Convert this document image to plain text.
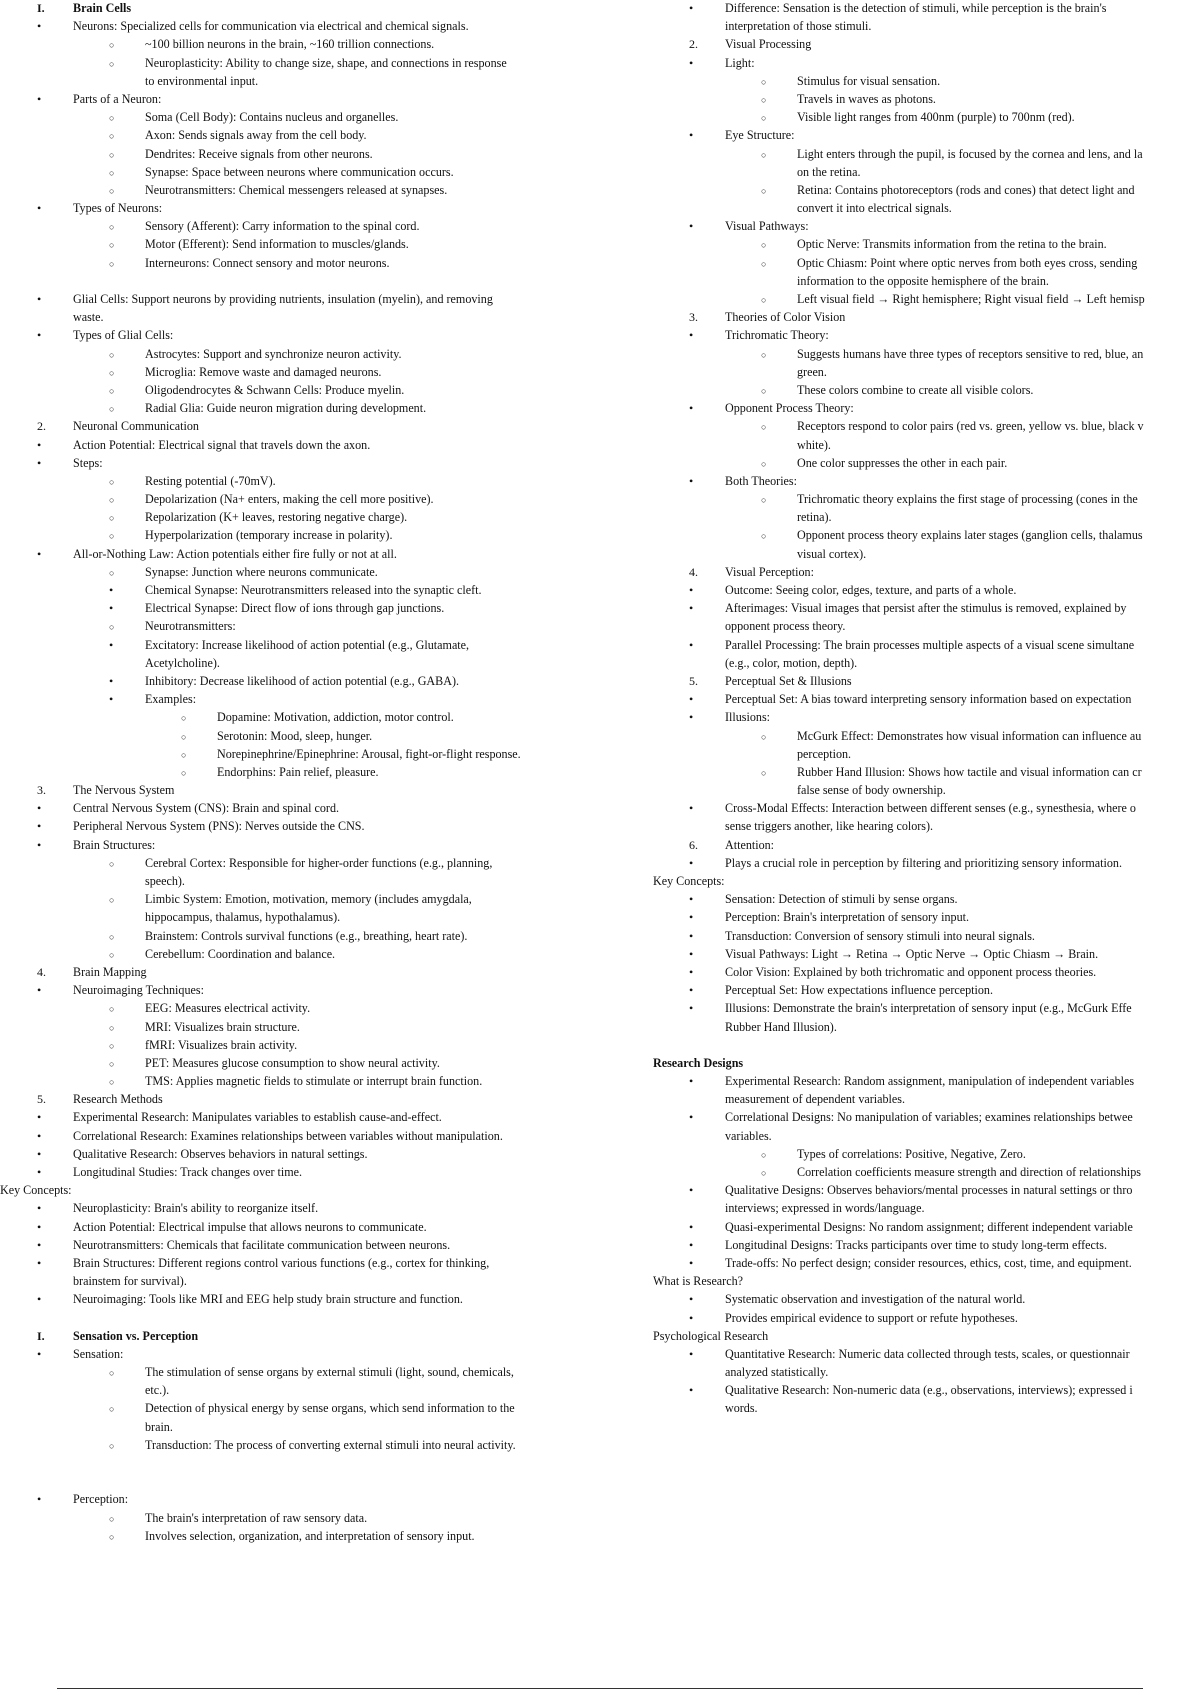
I. Brain Cells
•	Neurons: Specialized cells for communication via electrical and chemical signals.
○	~100 billion neurons in the brain, ~160 trillion connections.
○	Neuroplasticity: Ability to change size, shape, and connections in response
to environmental input.
•	Parts of a Neuron:
○	Soma (Cell Body): Contains nucleus and organelles.
○	Axon: Sends signals away from the cell body.
○	Dendrites: Receive signals from other neurons.
○	Synapse: Space between neurons where communication occurs.
○	Neurotransmitters: Chemical messengers released at synapses.
•	Types of Neurons:
○	Sensory (Afferent): Carry information to the spinal cord.
○	Motor (Efferent): Send information to muscles/glands.
○	Interneurons: Connect sensory and motor neurons.
•	Glial Cells: Support neurons by providing nutrients, insulation (myelin), and removing
waste.
•	Types of Glial Cells:
○	Astrocytes: Support and synchronize neuron activity.
○	Microglia: Remove waste and damaged neurons.
○	Oligodendrocytes & Schwann Cells: Produce myelin.
○	Radial Glia: Guide neuron migration during development.
2. Neuronal Communication
•	Action Potential: Electrical signal that travels down the axon.
•	Steps:
○	Resting potential (-70mV).
○	Depolarization (Na+ enters, making the cell more positive).
○	Repolarization (K+ leaves, restoring negative charge).
○	Hyperpolarization (temporary increase in polarity).
•	All-or-Nothing Law: Action potentials either fire fully or not at all.
○	Synapse: Junction where neurons communicate.
•	Chemical Synapse: Neurotransmitters released into the synaptic cleft.
•	Electrical Synapse: Direct flow of ions through gap junctions.
○	Neurotransmitters:
•	Excitatory: Increase likelihood of action potential (e.g., Glutamate,
Acetylcholine).
•	Inhibitory: Decrease likelihood of action potential (e.g., GABA).
•	Examples:
○	Dopamine: Motivation, addiction, motor control.
○	Serotonin: Mood, sleep, hunger.
○	Norepinephrine/Epinephrine: Arousal, fight-or-flight response.
○	Endorphins: Pain relief, pleasure.
3. The Nervous System
•	Central Nervous System (CNS): Brain and spinal cord.
•	Peripheral Nervous System (PNS): Nerves outside the CNS.
•	Brain Structures:
○	Cerebral Cortex: Responsible for higher-order functions (e.g., planning,
speech).
○	Limbic System: Emotion, motivation, memory (includes amygdala,
hippocampus, thalamus, hypothalamus).
○	Brainstem: Controls survival functions (e.g., breathing, heart rate).
○	Cerebellum: Coordination and balance.
4. Brain Mapping
•	Neuroimaging Techniques:
○	EEG: Measures electrical activity.
○	MRI: Visualizes brain structure.
○	fMRI: Visualizes brain activity.
○	PET: Measures glucose consumption to show neural activity.
○	TMS: Applies magnetic fields to stimulate or interrupt brain function.
5. Research Methods
•	Experimental Research: Manipulates variables to establish cause-and-effect.
•	Correlational Research: Examines relationships between variables without manipulation.
•	Qualitative Research: Observes behaviors in natural settings.
•	Longitudinal Studies: Track changes over time.
Key Concepts:
•	Neuroplasticity: Brain's ability to reorganize itself.
•	Action Potential: Electrical impulse that allows neurons to communicate.
•	Neurotransmitters: Chemicals that facilitate communication between neurons.
•	Brain Structures: Different regions control various functions (e.g., cortex for thinking,
brainstem for survival).
•	Neuroimaging: Tools like MRI and EEG help study brain structure and function.
I. Sensation vs. Perception
•	Sensation:
○	The stimulation of sense organs by external stimuli (light, sound, chemicals,
etc.).
○	Detection of physical energy by sense organs, which send information to the
brain.
○	Transduction: The process of converting external stimuli into neural activity.
•	Perception:
○	The brain's interpretation of raw sensory data.
○	Involves selection, organization, and interpretation of sensory input.
•	Difference: Sensation is the detection of stimuli, while perception is the brain's
interpretation of those stimuli.
2. Visual Processing
•	Light:
○	Stimulus for visual sensation.
○	Travels in waves as photons.
○	Visible light ranges from 400nm (purple) to 700nm (red).
•	Eye Structure:
○	Light enters through the pupil, is focused by the cornea and lens, and la
on the retina.
○	Retina: Contains photoreceptors (rods and cones) that detect light and
convert it into electrical signals.
•	Visual Pathways:
○	Optic Nerve: Transmits information from the retina to the brain.
○	Optic Chiasm: Point where optic nerves from both eyes cross, sending
information to the opposite hemisphere of the brain.
○	Left visual field → Right hemisphere; Right visual field → Left hemisp
3. Theories of Color Vision
•	Trichromatic Theory:
○	Suggests humans have three types of receptors sensitive to red, blue, an
green.
○	These colors combine to create all visible colors.
•	Opponent Process Theory:
○	Receptors respond to color pairs (red vs. green, yellow vs. blue, black v
white).
○	One color suppresses the other in each pair.
•	Both Theories:
○	Trichromatic theory explains the first stage of processing (cones in the
retina).
○	Opponent process theory explains later stages (ganglion cells, thalamus
visual cortex).
4. Visual Perception:
•	Outcome: Seeing color, edges, texture, and parts of a whole.
•	Afterimages: Visual images that persist after the stimulus is removed, explained by
opponent process theory.
•	Parallel Processing: The brain processes multiple aspects of a visual scene simultane
(e.g., color, motion, depth).
5. Perceptual Set & Illusions
•	Perceptual Set: A bias toward interpreting sensory information based on expectation
•	Illusions:
○	McGurk Effect: Demonstrates how visual information can influence au
perception.
○	Rubber Hand Illusion: Shows how tactile and visual information can cr
false sense of body ownership.
•	Cross-Modal Effects: Interaction between different senses (e.g., synesthesia, where o
sense triggers another, like hearing colors).
6. Attention:
•	Plays a crucial role in perception by filtering and prioritizing sensory information.
Key Concepts:
•	Sensation: Detection of stimuli by sense organs.
•	Perception: Brain's interpretation of sensory input.
•	Transduction: Conversion of sensory stimuli into neural signals.
•	Visual Pathways: Light → Retina → Optic Nerve → Optic Chiasm → Brain.
•	Color Vision: Explained by both trichromatic and opponent process theories.
•	Perceptual Set: How expectations influence perception.
•	Illusions: Demonstrate the brain's interpretation of sensory input (e.g., McGurk Effe
Rubber Hand Illusion).
Research Designs
•	Experimental Research: Random assignment, manipulation of independent variables
measurement of dependent variables.
•	Correlational Designs: No manipulation of variables; examines relationships betwee
variables.
○	Types of correlations: Positive, Negative, Zero.
○	Correlation coefficients measure strength and direction of relationships
•	Qualitative Designs: Observes behaviors/mental processes in natural settings or thro
interviews; expressed in words/language.
•	Quasi-experimental Designs: No random assignment; different independent variable
•	Longitudinal Designs: Tracks participants over time to study long-term effects.
•	Trade-offs: No perfect design; consider resources, ethics, cost, time, and equipment.
What is Research?
•	Systematic observation and investigation of the natural world.
•	Provides empirical evidence to support or refute hypotheses.
Psychological Research
•	Quantitative Research: Numeric data collected through tests, scales, or questionnair
analyzed statistically.
•	Qualitative Research: Non-numeric data (e.g., observations, interviews); expressed i
words.
